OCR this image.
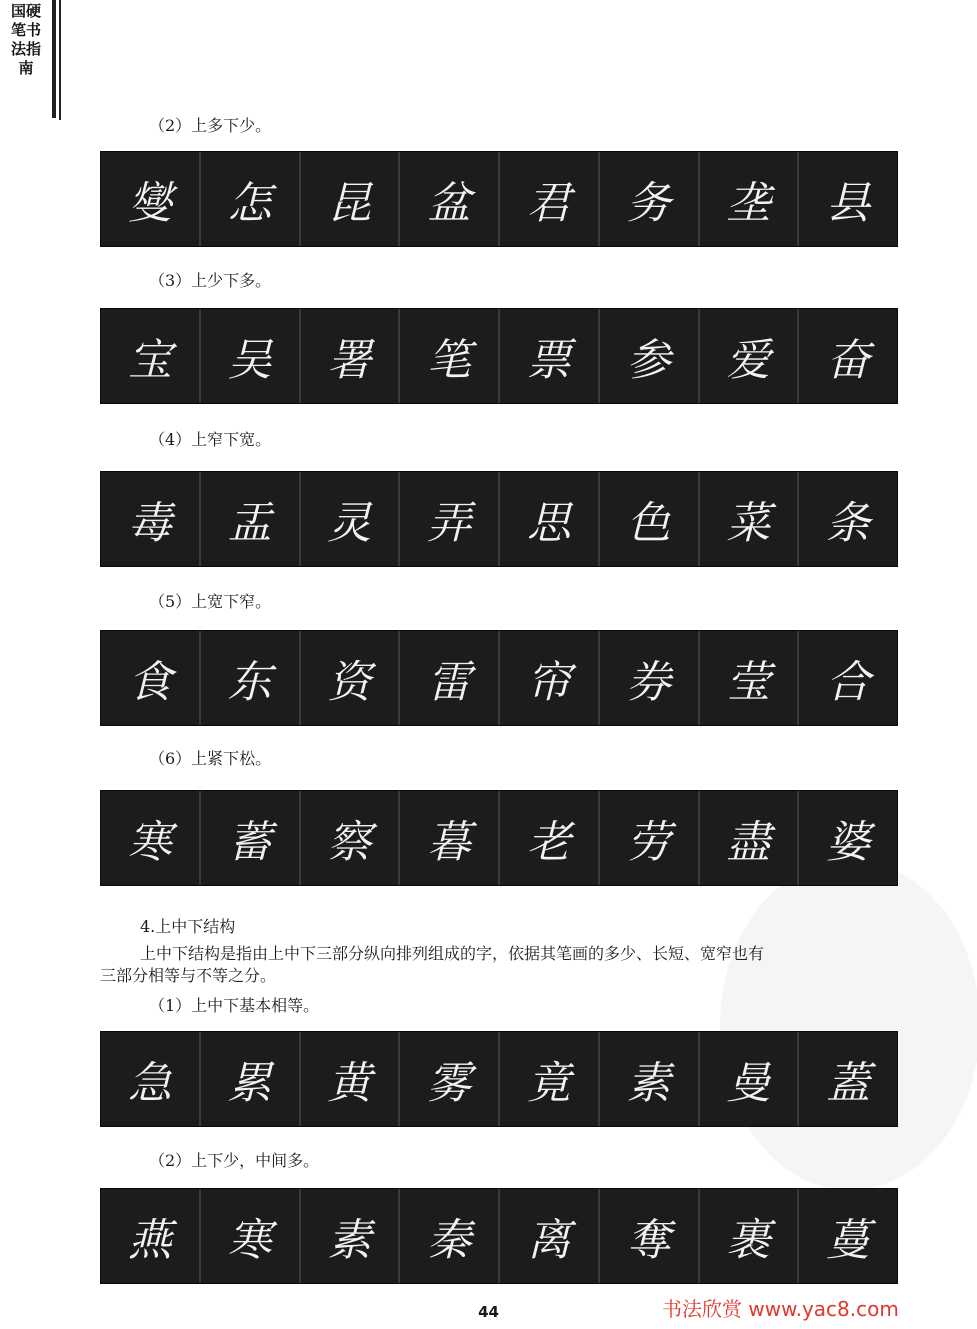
国硬笔书法指南
（2）上多下少。
燮	怎	昆	盆	君	务	垄	县
（3）上少下多。
宝	吴	署	笔	票	参	爱	奋
（4）上窄下宽。
毒	盂	灵	弄	思	色	菜	条
（5）上宽下窄。
食	东	资	雷	帘	券	莹	合
（6）上紧下松。
寒	蓄	察	暮	老	劳	盡	婆
4.上中下结构
上中下结构是指由上中下三部分纵向排列组成的字，依据其笔画的多少、长短、宽窄也有
三部分相等与不等之分。
（1）上中下基本相等。
急	累	黄	雾	竟	素	曼	蓋
（2）上下少，中间多。
燕	寒	素	秦	离	奪	裹	蔓
44	书法欣赏 www.yac8.com
